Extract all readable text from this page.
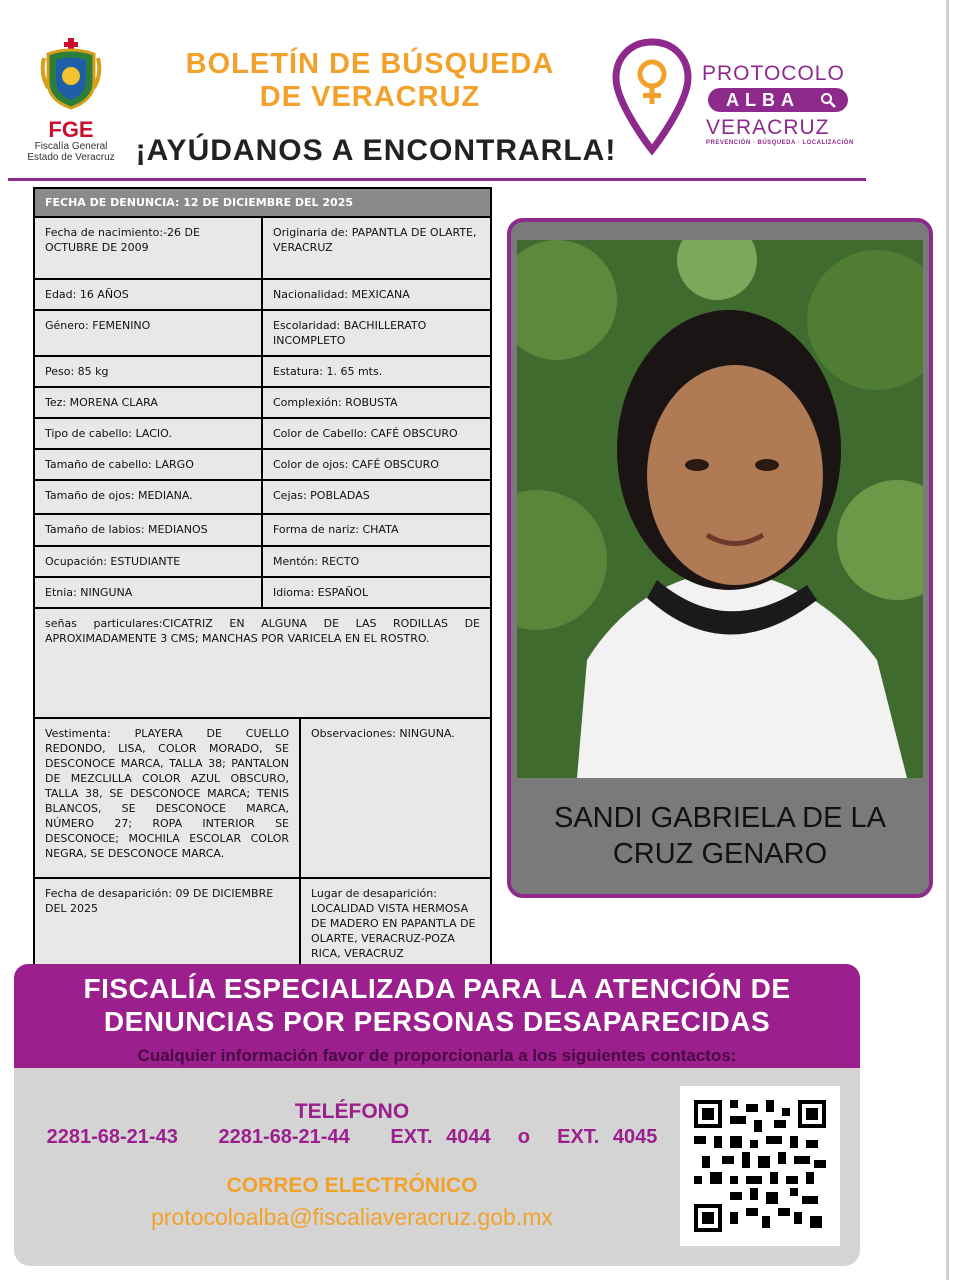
FGE
Fiscalía General
Estado de Veracruz
BOLETÍN DE BÚSQUEDA
DE VERACRUZ
¡AYÚDANOS A ENCONTRARLA!
PROTOCOLO
ALBA
VERACRUZ
PREVENCIÓN · BÚSQUEDA · LOCALIZACIÓN
FECHA DE DENUNCIA: 12 DE DICIEMBRE DEL 2025		
Fecha de nacimiento:-26 DE OCTUBRE DE 2009	Originaria de: PAPANTLA DE OLARTE, VERACRUZ	
Edad: 16 AÑOS	Nacionalidad: MEXICANA	
Género: FEMENINO	Escolaridad: BACHILLERATO INCOMPLETO	
Peso: 85 kg	Estatura: 1. 65 mts.	
Tez: MORENA CLARA	Complexión: ROBUSTA	
Tipo de cabello: LACIO.	Color de Cabello: CAFÉ OBSCURO	
Tamaño de cabello: LARGO	Color de ojos: CAFÉ OBSCURO	
Tamaño de ojos: MEDIANA.	Cejas: POBLADAS	
Tamaño de labios: MEDIANOS	Forma de nariz: CHATA	
Ocupación: ESTUDIANTE	Mentón: RECTO	
Etnia: NINGUNA	Idioma: ESPAÑOL	
señas particulares:CICATRIZ EN ALGUNA DE LAS RODILLAS DE APROXIMADAMENTE 3 CMS; MANCHAS POR VARICELA EN EL ROSTRO.		
Vestimenta: PLAYERA DE CUELLO REDONDO, LISA, COLOR MORADO, SE DESCONOCE MARCA, TALLA 38; PANTALON DE MEZCLILLA COLOR AZUL OBSCURO, TALLA 38, SE DESCONOCE MARCA; TENIS BLANCOS, SE DESCONOCE MARCA, NÚMERO 27; ROPA INTERIOR SE DESCONOCE; MOCHILA ESCOLAR COLOR NEGRA, SE DESCONOCE MARCA.		Observaciones: NINGUNA.
Fecha de desaparición: 09 DE DICIEMBRE DEL 2025		Lugar de desaparición: LOCALIDAD VISTA HERMOSA DE MADERO EN PAPANTLA DE OLARTE, VERACRUZ-POZA RICA, VERACRUZ
SANDI GABRIELA DE LA CRUZ GENARO
FISCALÍA ESPECIALIZADA PARA LA ATENCIÓN DE DENUNCIAS POR PERSONAS DESAPARECIDAS
Cualquier información favor de proporcionarla a los siguientes contactos:
TELÉFONO
2281-68-21-43   2281-68-21-44   EXT. 4044  o  EXT. 4045
CORREO ELECTRÓNICO
protocoloalba@fiscaliaveracruz.gob.mx
